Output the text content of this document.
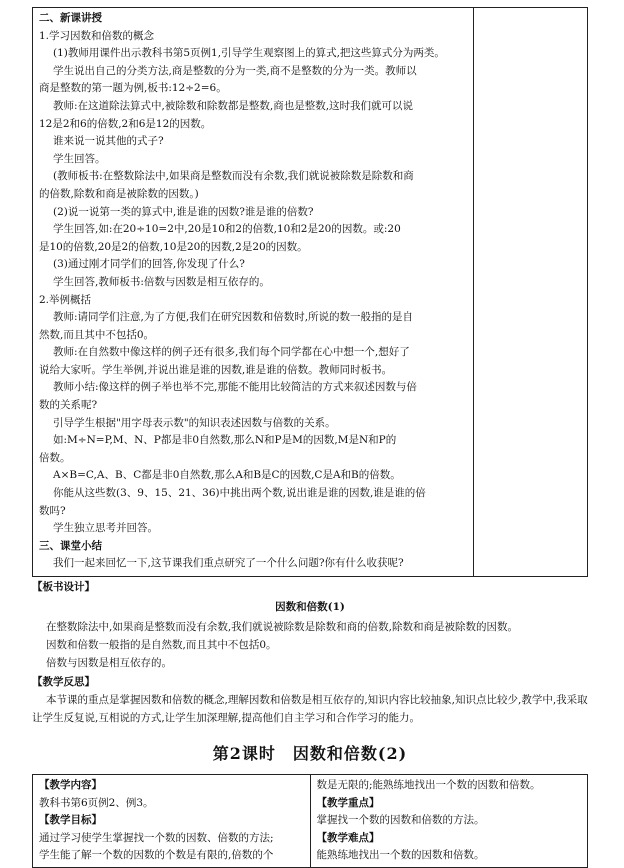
二、新课讲授
1.学习因数和倍数的概念
(1)教师用课件出示教科书第5页例1,引导学生观察图上的算式,把这些算式分为两类。
学生说出自己的分类方法,商是整数的分为一类,商不是整数的分为一类。教师以
商是整数的第一题为例,板书:12÷2=6。
教师:在这道除法算式中,被除数和除数都是整数,商也是整数,这时我们就可以说
12是2和6的倍数,2和6是12的因数。
谁来说一说其他的式子?
学生回答。
(教师板书:在整数除法中,如果商是整数而没有余数,我们就说被除数是除数和商
的倍数,除数和商是被除数的因数。)
(2)说一说第一类的算式中,谁是谁的因数?谁是谁的倍数?
学生回答,如:在20÷10=2中,20是10和2的倍数,10和2是20的因数。或:20
是10的倍数,20是2的倍数,10是20的因数,2是20的因数。
(3)通过刚才同学们的回答,你发现了什么?
学生回答,教师板书:倍数与因数是相互依存的。
2.举例概括
教师:请同学们注意,为了方便,我们在研究因数和倍数时,所说的数一般指的是自
然数,而且其中不包括0。
教师:在自然数中像这样的例子还有很多,我们每个同学都在心中想一个,想好了
说给大家听。学生举例,并说出谁是谁的因数,谁是谁的倍数。教师同时板书。
教师小结:像这样的例子举也举不完,那能不能用比较简洁的方式来叙述因数与倍
数的关系呢?
引导学生根据"用字母表示数"的知识表述因数与倍数的关系。
如:M÷N=P,M、N、P都是非0自然数,那么N和P是M的因数,M是N和P的
倍数。
A×B=C,A、B、C都是非0自然数,那么A和B是C的因数,C是A和B的倍数。
你能从这些数(3、9、15、21、36)中挑出两个数,说出谁是谁的因数,谁是谁的倍
数吗?
学生独立思考并回答。
三、课堂小结
我们一起来回忆一下,这节课我们重点研究了一个什么问题?你有什么收获呢?

【板书设计】
因数和倍数(1)
在整数除法中,如果商是整数而没有余数,我们就说被除数是除数和商的倍数,除数和商是被除数的因数。
因数和倍数一般指的是自然数,而且其中不包括0。
倍数与因数是相互依存的。
【教学反思】
本节课的重点是掌握因数和倍数的概念,理解因数和倍数是相互依存的,知识内容比较抽象,知识点比较少,教学中,我采取让学生反复说,互相说的方式,让学生加深理解,提高他们自主学习和合作学习的能力。
第2课时　因数和倍数(2)
【教学内容】
教科书第6页例2、例3。
【教学目标】
通过学习使学生掌握找一个数的因数、倍数的方法;
学生能了解一个数的因数的个数是有限的,倍数的个

数是无限的;能熟练地找出一个数的因数和倍数。
【教学重点】
掌握找一个数的因数和倍数的方法。
【教学难点】
能熟练地找出一个数的因数和倍数。
